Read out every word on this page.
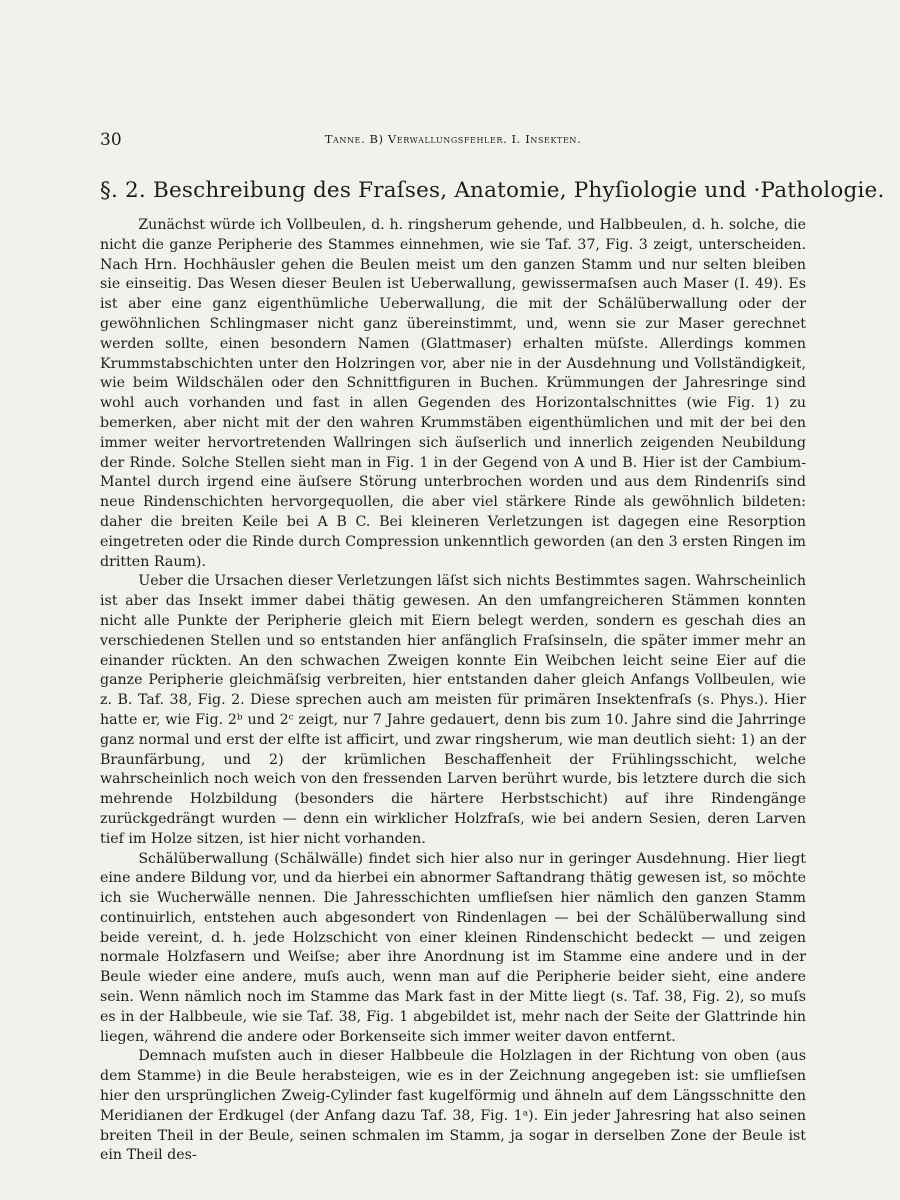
30	Tanne. B) Verwallungsfehler. I. Insekten.
§. 2. Beschreibung des Fraſses, Anatomie, Phyſiologie und ·Pathologie.

Zunächst würde ich Vollbeulen, d. h. ringsherum gehende, und Halbbeulen, d. h. solche, die nicht die ganze Peripherie des Stammes einnehmen, wie sie Taf. 37, Fig. 3 zeigt, unterscheiden. Nach Hrn. Hochhäusler gehen die Beulen meist um den ganzen Stamm und nur selten bleiben sie einseitig. Das Wesen dieser Beulen ist Ueberwallung, gewissermaſsen auch Maser (I. 49). Es ist aber eine ganz eigenthümliche Ueberwallung, die mit der Schälüberwallung oder der gewöhnlichen Schlingmaser nicht ganz übereinstimmt, und, wenn sie zur Maser gerechnet werden sollte, einen besondern Namen (Glattmaser) erhalten müſste. Allerdings kommen Krummstabschichten unter den Holzringen vor, aber nie in der Ausdehnung und Vollständigkeit, wie beim Wildschälen oder den Schnittfiguren in Buchen. Krümmungen der Jahresringe sind wohl auch vorhanden und fast in allen Gegenden des Horizontalschnittes (wie Fig. 1) zu bemerken, aber nicht mit der den wahren Krummstäben eigenthümlichen und mit der bei den immer weiter hervortretenden Wallringen sich äuſserlich und innerlich zeigenden Neubildung der Rinde. Solche Stellen sieht man in Fig. 1 in der Gegend von A und B. Hier ist der Cambium-Mantel durch irgend eine äuſsere Störung unterbrochen worden und aus dem Rindenriſs sind neue Rindenschichten hervorgequollen, die aber viel stärkere Rinde als gewöhnlich bildeten: daher die breiten Keile bei A B C. Bei kleineren Verletzungen ist dagegen eine Resorption eingetreten oder die Rinde durch Compression unkenntlich geworden (an den 3 ersten Ringen im dritten Raum).

Ueber die Ursachen dieser Verletzungen läſst sich nichts Bestimmtes sagen. Wahrscheinlich ist aber das Insekt immer dabei thätig gewesen. An den umfangreicheren Stämmen konnten nicht alle Punkte der Peripherie gleich mit Eiern belegt werden, sondern es geschah dies an verschiedenen Stellen und so entstanden hier anfänglich Fraſsinseln, die später immer mehr an einander rückten. An den schwachen Zweigen konnte Ein Weibchen leicht seine Eier auf die ganze Peripherie gleichmäſsig verbreiten, hier entstanden daher gleich Anfangs Vollbeulen, wie z. B. Taf. 38, Fig. 2. Diese sprechen auch am meisten für primären Insektenfraſs (s. Phys.). Hier hatte er, wie Fig. 2ᵇ und 2ᶜ zeigt, nur 7 Jahre gedauert, denn bis zum 10. Jahre sind die Jahrringe ganz normal und erst der elfte ist afficirt, und zwar ringsherum, wie man deutlich sieht: 1) an der Braunfärbung, und 2) der krümlichen Beschaffenheit der Frühlingsschicht, welche wahrscheinlich noch weich von den fressenden Larven berührt wurde, bis letztere durch die sich mehrende Holzbildung (besonders die härtere Herbstschicht) auf ihre Rindengänge zurückgedrängt wurden — denn ein wirklicher Holzfraſs, wie bei andern Sesien, deren Larven tief im Holze sitzen, ist hier nicht vorhanden.

Schälüberwallung (Schälwälle) findet sich hier also nur in geringer Ausdehnung. Hier liegt eine andere Bildung vor, und da hierbei ein abnormer Saftandrang thätig gewesen ist, so möchte ich sie Wucherwälle nennen. Die Jahresschichten umflieſsen hier nämlich den ganzen Stamm continuirlich, entstehen auch abgesondert von Rindenlagen — bei der Schälüberwallung sind beide vereint, d. h. jede Holzschicht von einer kleinen Rindenschicht bedeckt — und zeigen normale Holzfasern und Weiſse; aber ihre Anordnung ist im Stamme eine andere und in der Beule wieder eine andere, muſs auch, wenn man auf die Peripherie beider sieht, eine andere sein. Wenn nämlich noch im Stamme das Mark fast in der Mitte liegt (s. Taf. 38, Fig. 2), so muſs es in der Halbbeule, wie sie Taf. 38, Fig. 1 abgebildet ist, mehr nach der Seite der Glattrinde hin liegen, während die andere oder Borkenseite sich immer weiter davon entfernt.

Demnach muſsten auch in dieser Halbbeule die Holzlagen in der Richtung von oben (aus dem Stamme) in die Beule herabsteigen, wie es in der Zeichnung angegeben ist: sie umflieſsen hier den ursprünglichen Zweig-Cylinder fast kugelförmig und ähneln auf dem Längsschnitte den Meridianen der Erdkugel (der Anfang dazu Taf. 38, Fig. 1ᵃ). Ein jeder Jahresring hat also seinen breiten Theil in der Beule, seinen schmalen im Stamm, ja sogar in derselben Zone der Beule ist ein Theil des-
